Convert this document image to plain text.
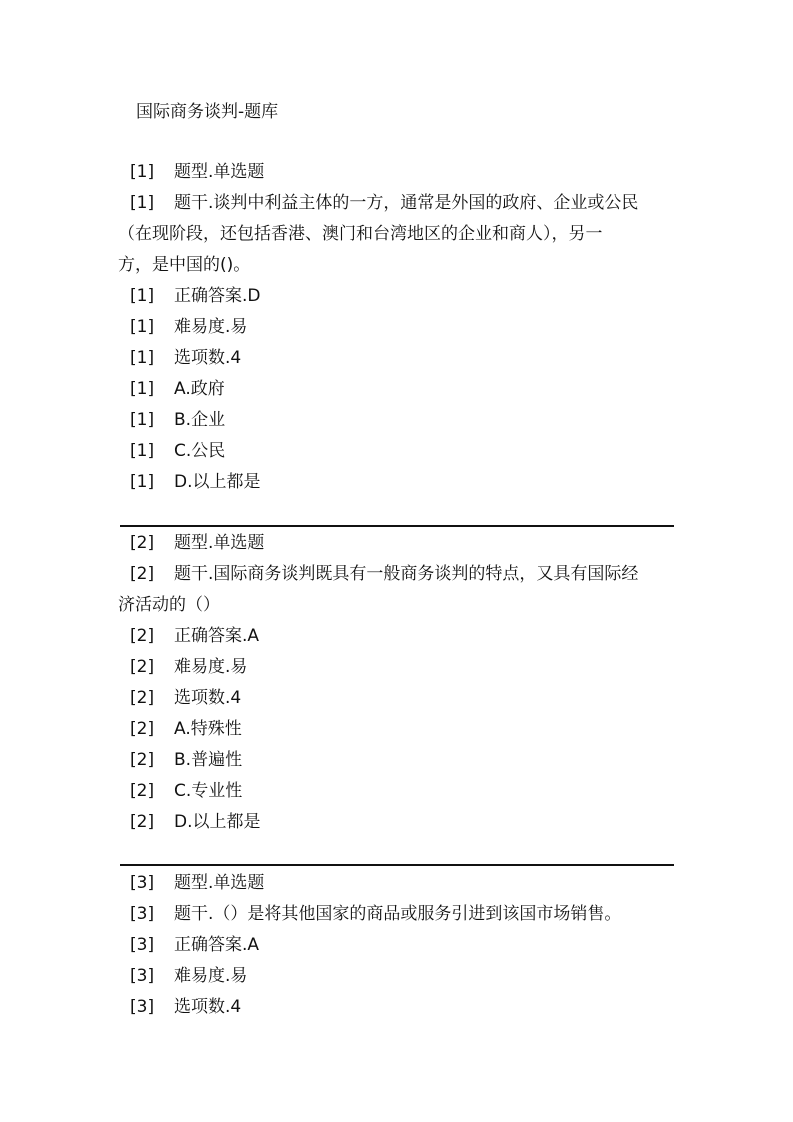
国际商务谈判-题库
[1]	题型.单选题
[1]	题干.谈判中利益主体的一方，通常是外国的政府、企业或公民
（在现阶段，还包括香港、澳门和台湾地区的企业和商人），另一
方，是中国的()。
[1]	正确答案.D
[1]	难易度.易
[1]	选项数.4
[1]	A.政府
[1]	B.企业
[1]	C.公民
[1]	D.以上都是
[2]	题型.单选题
[2]	题干.国际商务谈判既具有一般商务谈判的特点，又具有国际经
济活动的（）
[2]	正确答案.A
[2]	难易度.易
[2]	选项数.4
[2]	A.特殊性
[2]	B.普遍性
[2]	C.专业性
[2]	D.以上都是
[3]	题型.单选题
[3]	题干.（）是将其他国家的商品或服务引进到该国市场销售。
[3]	正确答案.A
[3]	难易度.易
[3]	选项数.4
